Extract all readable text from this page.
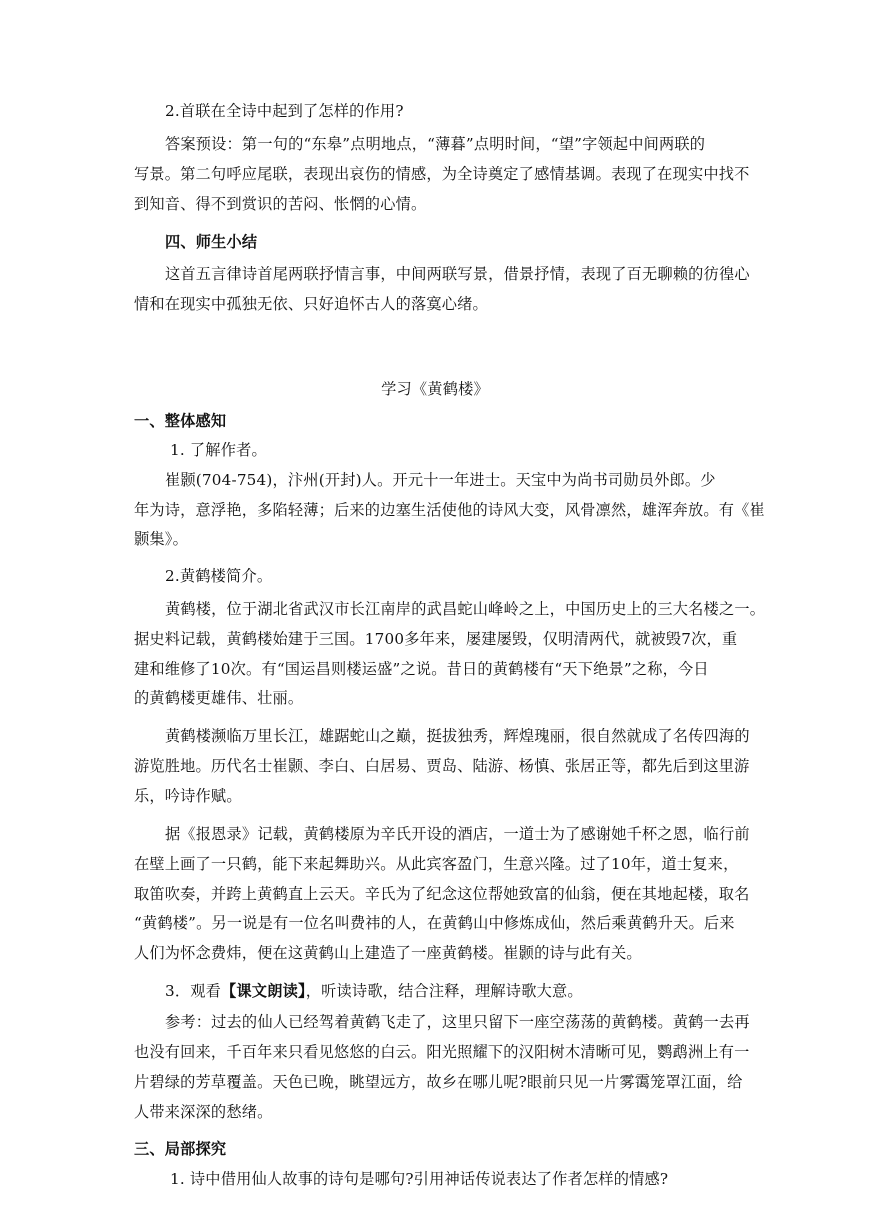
2.首联在全诗中起到了怎样的作用?
答案预设：第一句的“东皋”点明地点，“薄暮”点明时间，“望”字领起中间两联的
写景。第二句呼应尾联，表现出哀伤的情感，为全诗奠定了感情基调。表现了在现实中找不
到知音、得不到赏识的苦闷、怅惘的心情。
四、师生小结
这首五言律诗首尾两联抒情言事，中间两联写景，借景抒情，表现了百无聊赖的彷徨心
情和在现实中孤独无依、只好追怀古人的落寞心绪。
学习《黄鹤楼》
一、整体感知
1. 了解作者。
崔颢(704-754)，汴州(开封)人。开元十一年进士。天宝中为尚书司勋员外郎。少
年为诗，意浮艳，多陷轻薄；后来的边塞生活使他的诗风大变，风骨凛然，雄浑奔放。有《崔
颢集》。
2.黄鹤楼简介。
黄鹤楼，位于湖北省武汉市长江南岸的武昌蛇山峰岭之上，中国历史上的三大名楼之一。
据史料记载，黄鹤楼始建于三国。1700多年来，屡建屡毁，仅明清两代，就被毁7次，重
建和维修了10次。有“国运昌则楼运盛”之说。昔日的黄鹤楼有“天下绝景”之称，今日
的黄鹤楼更雄伟、壮丽。
黄鹤楼濒临万里长江，雄踞蛇山之巅，挺拔独秀，辉煌瑰丽，很自然就成了名传四海的
游览胜地。历代名士崔颢、李白、白居易、贾岛、陆游、杨慎、张居正等，都先后到这里游
乐，吟诗作赋。
据《报恩录》记载，黄鹤楼原为辛氏开设的酒店，一道士为了感谢她千杯之恩，临行前
在壁上画了一只鹤，能下来起舞助兴。从此宾客盈门，生意兴隆。过了10年，道士复来，
取笛吹奏，并跨上黄鹤直上云天。辛氏为了纪念这位帮她致富的仙翁，便在其地起楼，取名
“黄鹤楼”。另一说是有一位名叫费祎的人，在黄鹤山中修炼成仙，然后乘黄鹤升天。后来
人们为怀念费炜，便在这黄鹤山上建造了一座黄鹤楼。崔颢的诗与此有关。
3．观看【课文朗读】，听读诗歌，结合注释，理解诗歌大意。
参考：过去的仙人已经驾着黄鹤飞走了，这里只留下一座空荡荡的黄鹤楼。黄鹤一去再
也没有回来，千百年来只看见悠悠的白云。阳光照耀下的汉阳树木清晰可见，鹦鹉洲上有一
片碧绿的芳草覆盖。天色已晚，眺望远方，故乡在哪儿呢?眼前只见一片雾霭笼罩江面，给
人带来深深的愁绪。
三、局部探究
1. 诗中借用仙人故事的诗句是哪句?引用神话传说表达了作者怎样的情感?
